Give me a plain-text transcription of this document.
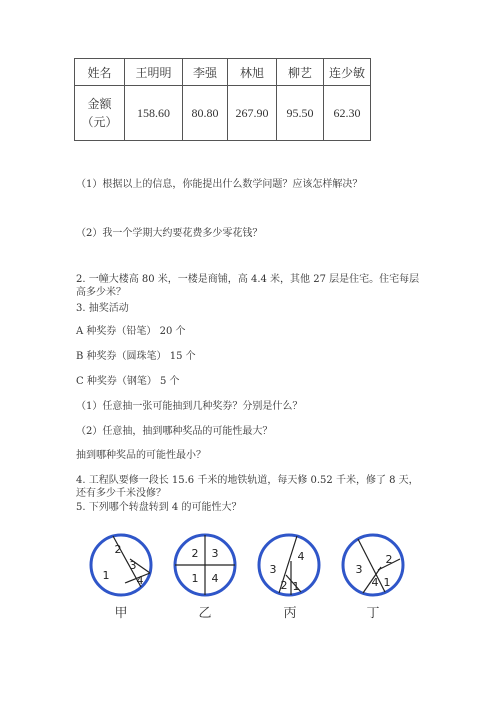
姓名	王明明	李强	林旭	柳艺	连少敏

金额
（元）	158.60	80.80	267.90	95.50	62.30
（1）根据以上的信息，你能提出什么数学问题？应该怎样解决？
（2）我一个学期大约要花费多少零花钱？
2. 一幢大楼高 80 米，一楼是商铺，高 4.4 米，其他 27 层是住宅。住宅每层高多少米？
3. 抽奖活动
A 种奖券（铅笔） 20 个
B 种奖券（圆珠笔） 15 个
C 种奖券（钢笔） 5 个
（1）任意抽一张可能抽到几种奖券？分别是什么？
（2）任意抽，抽到哪种奖品的可能性最大？
抽到哪种奖品的可能性最小？
4. 工程队要修一段长 15.6 千米的地铁轨道，每天修 0.52 千米，修了 8 天，还有多少千米没修？
5. 下列哪个转盘转到 4 的可能性大？
1
2
3
4
2 3
1 4
3
4
2 1
2
3
4 1
甲	乙	丙	丁
